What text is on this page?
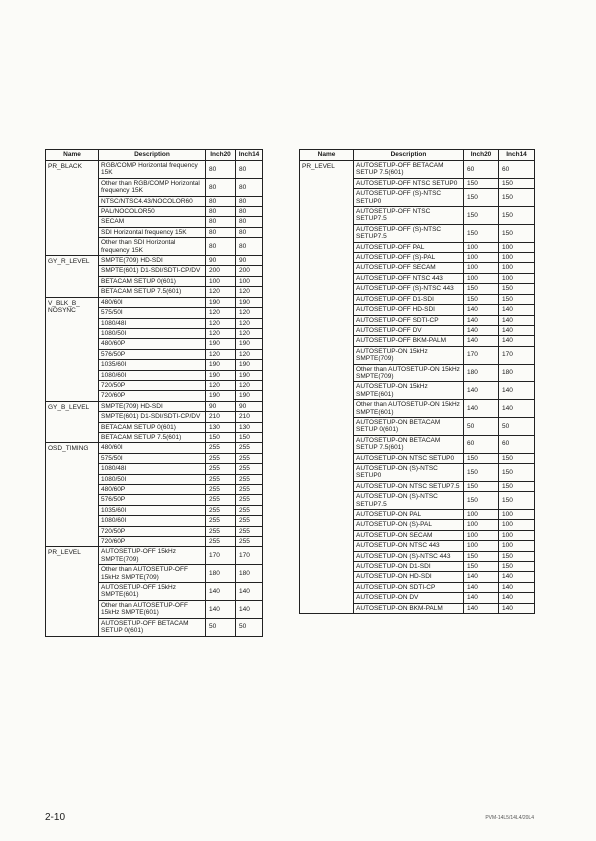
Name	Description	Inch20	Inch14
PR_BLACK	RGB/COMP Horizontal frequency 15K	80	80
	Other than RGB/COMP Horizontal frequency 15K	80	80
	NTSC/NTSC4.43/NOCOLOR60	80	80
	PAL/NOCOLOR50	80	80
	SECAM	80	80
	SDI Horizontal frequency 15K	80	80
	Other than SDI Horizontal frequency 15K	80	80
GY_R_LEVEL	SMPTE(709) HD-SDI	90	90
	SMPTE(601) D1-SDI/SDTI-CP/DV	200	200
	BETACAM SETUP 0(601)	100	100
	BETACAM SETUP 7.5(601)	120	120
V_BLK_B_ NOSYNC	480/60I	190	190
	575/50I	120	120
	1080/48I	120	120
	1080/50I	120	120
	480/60P	190	190
	576/50P	120	120
	1035/60I	190	190
	1080/60I	190	190
	720/50P	120	120
	720/60P	190	190
GY_B_LEVEL	SMPTE(709) HD-SDI	90	90
	SMPTE(601) D1-SDI/SDTI-CP/DV	210	210
	BETACAM SETUP 0(601)	130	130
	BETACAM SETUP 7.5(601)	150	150
OSD_TIMING	480/60I	255	255
	575/50I	255	255
	1080/48I	255	255
	1080/50I	255	255
	480/60P	255	255
	576/50P	255	255
	1035/60I	255	255
	1080/60I	255	255
	720/50P	255	255
	720/60P	255	255
PR_LEVEL	AUTOSETUP-OFF 15kHz SMPTE(709)	170	170
	Other than AUTOSETUP-OFF 15kHz SMPTE(709)	180	180
	AUTOSETUP-OFF 15kHz SMPTE(601)	140	140
	Other than AUTOSETUP-OFF 15kHz SMPTE(601)	140	140
	AUTOSETUP-OFF BETACAM SETUP 0(601)	50	50
Name	Description	Inch20	Inch14
PR_LEVEL	AUTOSETUP-OFF BETACAM SETUP 7.5(601)	60	60
	AUTOSETUP-OFF NTSC SETUP0	150	150
	AUTOSETUP-OFF (S)-NTSC SETUP0	150	150
	AUTOSETUP-OFF NTSC SETUP7.5	150	150
	AUTOSETUP-OFF (S)-NTSC SETUP7.5	150	150
	AUTOSETUP-OFF PAL	100	100
	AUTOSETUP-OFF (S)-PAL	100	100
	AUTOSETUP-OFF SECAM	100	100
	AUTOSETUP-OFF NTSC 443	100	100
	AUTOSETUP-OFF (S)-NTSC 443	150	150
	AUTOSETUP-OFF D1-SDI	150	150
	AUTOSETUP-OFF HD-SDI	140	140
	AUTOSETUP-OFF SDTI-CP	140	140
	AUTOSETUP-OFF DV	140	140
	AUTOSETUP-OFF BKM-PALM	140	140
	AUTOSETUP-ON 15kHz SMPTE(709)	170	170
	Other than AUTOSETUP-ON 15kHz SMPTE(709)	180	180
	AUTOSETUP-ON 15kHz SMPTE(601)	140	140
	Other than AUTOSETUP-ON 15kHz SMPTE(601)	140	140
	AUTOSETUP-ON BETACAM SETUP 0(601)	50	50
	AUTOSETUP-ON BETACAM SETUP 7.5(601)	60	60
	AUTOSETUP-ON NTSC SETUP0	150	150
	AUTOSETUP-ON (S)-NTSC SETUP0	150	150
	AUTOSETUP-ON NTSC SETUP7.5	150	150
	AUTOSETUP-ON (S)-NTSC SETUP7.5	150	150
	AUTOSETUP-ON PAL	100	100
	AUTOSETUP-ON (S)-PAL	100	100
	AUTOSETUP-ON SECAM	100	100
	AUTOSETUP-ON NTSC 443	100	100
	AUTOSETUP-ON (S)-NTSC 443	150	150
	AUTOSETUP-ON D1-SDI	150	150
	AUTOSETUP-ON HD-SDI	140	140
	AUTOSETUP-ON SDTI-CP	140	140
	AUTOSETUP-ON DV	140	140
	AUTOSETUP-ON BKM-PALM	140	140
2-10	PVM-14L5/14L4/20L4
